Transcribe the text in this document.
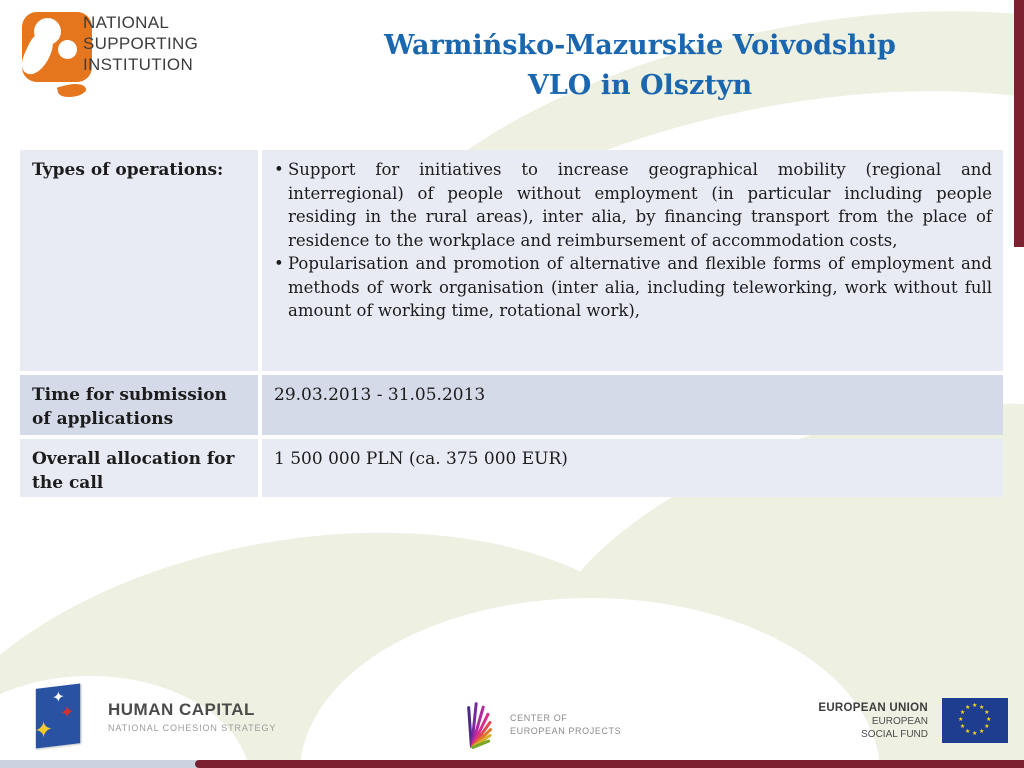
NATIONAL
SUPPORTING
INSTITUTION
Warmińsko-Mazurskie Voivodship
VLO in Olsztyn
Types of operations:	• Support for initiatives to increase geographical mobility (regional and interregional) of people without employment (in particular including people residing in the rural areas), inter alia, by financing transport from the place of residence to the workplace and reimbursement of accommodation costs,
• Popularisation and promotion of alternative and flexible forms of employment and methods of work organisation (inter alia, including teleworking, work without full amount of working time, rotational work),
Time for submission of applications
29.03.2013 - 31.05.2013
Overall allocation for the call
1 500 000 PLN (ca. 375 000 EUR)
✦
✦
✦
HUMAN CAPITAL
NATIONAL COHESION STRATEGY
CENTER OF
EUROPEAN PROJECTS
EUROPEAN UNION
EUROPEAN
SOCIAL FUND
★ ★
★
★
★
★
★
★
★
★
★
★
